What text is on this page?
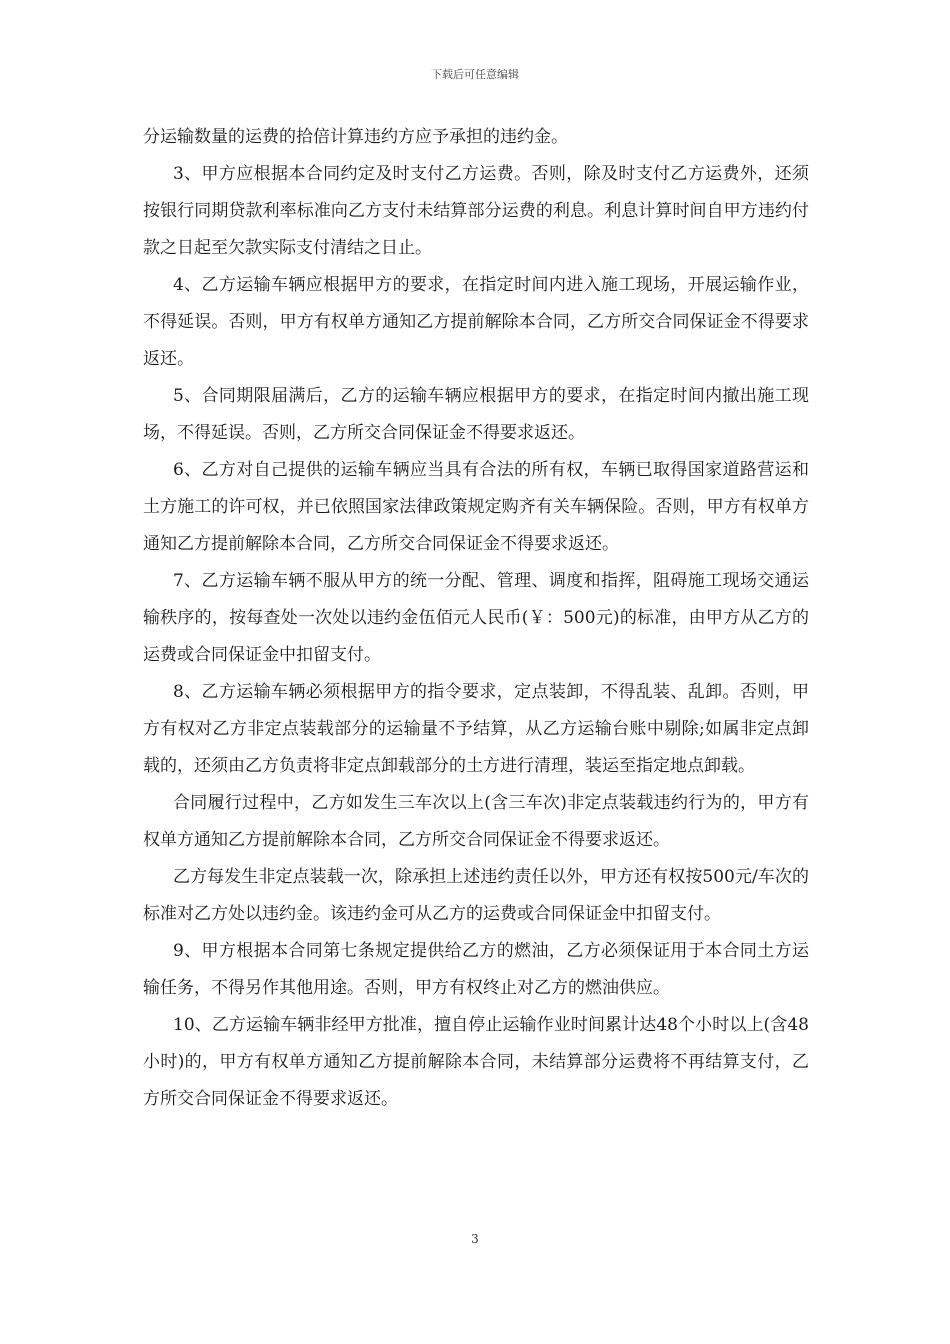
下载后可任意编辑

分运输数量的运费的拾倍计算违约方应予承担的违约金。

3、甲方应根据本合同约定及时支付乙方运费。否则，除及时支付乙方运费外，还须按银行同期贷款利率标准向乙方支付未结算部分运费的利息。利息计算时间自甲方违约付款之日起至欠款实际支付清结之日止。

4、乙方运输车辆应根据甲方的要求，在指定时间内进入施工现场，开展运输作业，不得延误。否则，甲方有权单方通知乙方提前解除本合同，乙方所交合同保证金不得要求返还。

5、合同期限届满后，乙方的运输车辆应根据甲方的要求，在指定时间内撤出施工现场，不得延误。否则，乙方所交合同保证金不得要求返还。

6、乙方对自己提供的运输车辆应当具有合法的所有权，车辆已取得国家道路营运和土方施工的许可权，并已依照国家法律政策规定购齐有关车辆保险。否则，甲方有权单方通知乙方提前解除本合同，乙方所交合同保证金不得要求返还。

7、乙方运输车辆不服从甲方的统一分配、管理、调度和指挥，阻碍施工现场交通运输秩序的，按每查处一次处以违约金伍佰元人民币(￥：500元)的标准，由甲方从乙方的运费或合同保证金中扣留支付。

8、乙方运输车辆必须根据甲方的指令要求，定点装卸，不得乱装、乱卸。否则，甲方有权对乙方非定点装载部分的运输量不予结算，从乙方运输台账中剔除;如属非定点卸载的，还须由乙方负责将非定点卸载部分的土方进行清理，装运至指定地点卸载。

合同履行过程中，乙方如发生三车次以上(含三车次)非定点装载违约行为的，甲方有权单方通知乙方提前解除本合同，乙方所交合同保证金不得要求返还。

乙方每发生非定点装载一次，除承担上述违约责任以外，甲方还有权按500元/车次的标准对乙方处以违约金。该违约金可从乙方的运费或合同保证金中扣留支付。

9、甲方根据本合同第七条规定提供给乙方的燃油，乙方必须保证用于本合同土方运输任务，不得另作其他用途。否则，甲方有权终止对乙方的燃油供应。

10、乙方运输车辆非经甲方批准，擅自停止运输作业时间累计达48个小时以上(含48小时)的，甲方有权单方通知乙方提前解除本合同，未结算部分运费将不再结算支付，乙方所交合同保证金不得要求返还。

3
